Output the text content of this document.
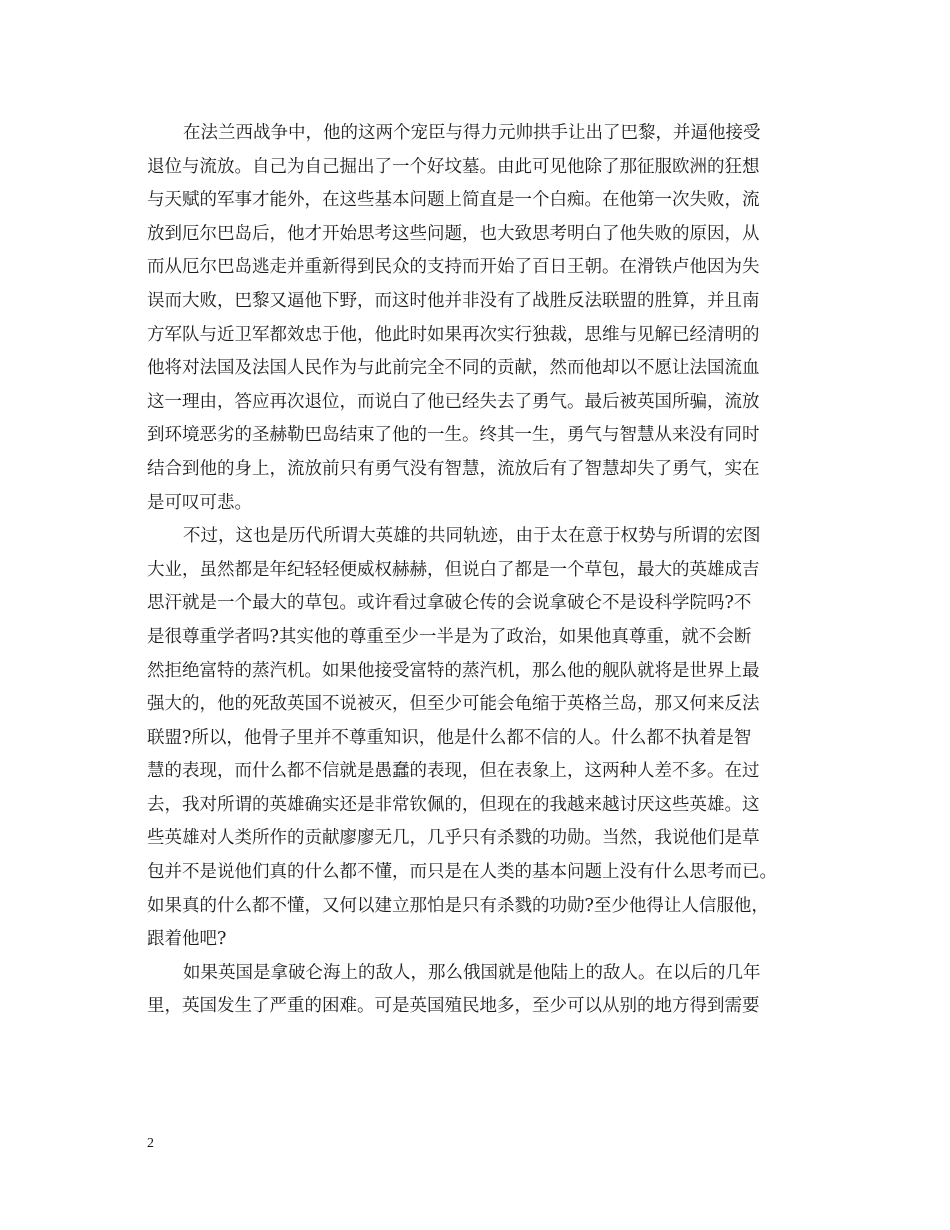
在法兰西战争中，他的这两个宠臣与得力元帅拱手让出了巴黎，并逼他接受
退位与流放。自己为自己掘出了一个好坟墓。由此可见他除了那征服欧洲的狂想
与天赋的军事才能外，在这些基本问题上简直是一个白痴。在他第一次失败，流
放到厄尔巴岛后，他才开始思考这些问题，也大致思考明白了他失败的原因，从
而从厄尔巴岛逃走并重新得到民众的支持而开始了百日王朝。在滑铁卢他因为失
误而大败，巴黎又逼他下野，而这时他并非没有了战胜反法联盟的胜算，并且南
方军队与近卫军都效忠于他，他此时如果再次实行独裁，思维与见解已经清明的
他将对法国及法国人民作为与此前完全不同的贡献，然而他却以不愿让法国流血
这一理由，答应再次退位，而说白了他已经失去了勇气。最后被英国所骗，流放
到环境恶劣的圣赫勒巴岛结束了他的一生。终其一生，勇气与智慧从来没有同时
结合到他的身上，流放前只有勇气没有智慧，流放后有了智慧却失了勇气，实在
是可叹可悲。
不过，这也是历代所谓大英雄的共同轨迹，由于太在意于权势与所谓的宏图
大业，虽然都是年纪轻轻便威权赫赫，但说白了都是一个草包，最大的英雄成吉
思汗就是一个最大的草包。或许看过拿破仑传的会说拿破仑不是设科学院吗?不
是很尊重学者吗?其实他的尊重至少一半是为了政治，如果他真尊重，就不会断
然拒绝富特的蒸汽机。如果他接受富特的蒸汽机，那么他的舰队就将是世界上最
强大的，他的死敌英国不说被灭，但至少可能会龟缩于英格兰岛，那又何来反法
联盟?所以，他骨子里并不尊重知识，他是什么都不信的人。什么都不执着是智
慧的表现，而什么都不信就是愚蠢的表现，但在表象上，这两种人差不多。在过
去，我对所谓的英雄确实还是非常钦佩的，但现在的我越来越讨厌这些英雄。这
些英雄对人类所作的贡献廖廖无几，几乎只有杀戮的功勋。当然，我说他们是草
包并不是说他们真的什么都不懂，而只是在人类的基本问题上没有什么思考而已。
如果真的什么都不懂，又何以建立那怕是只有杀戮的功勋?至少他得让人信服他，
跟着他吧?
如果英国是拿破仑海上的敌人，那么俄国就是他陆上的敌人。在以后的几年
里，英国发生了严重的困难。可是英国殖民地多，至少可以从别的地方得到需要
2
